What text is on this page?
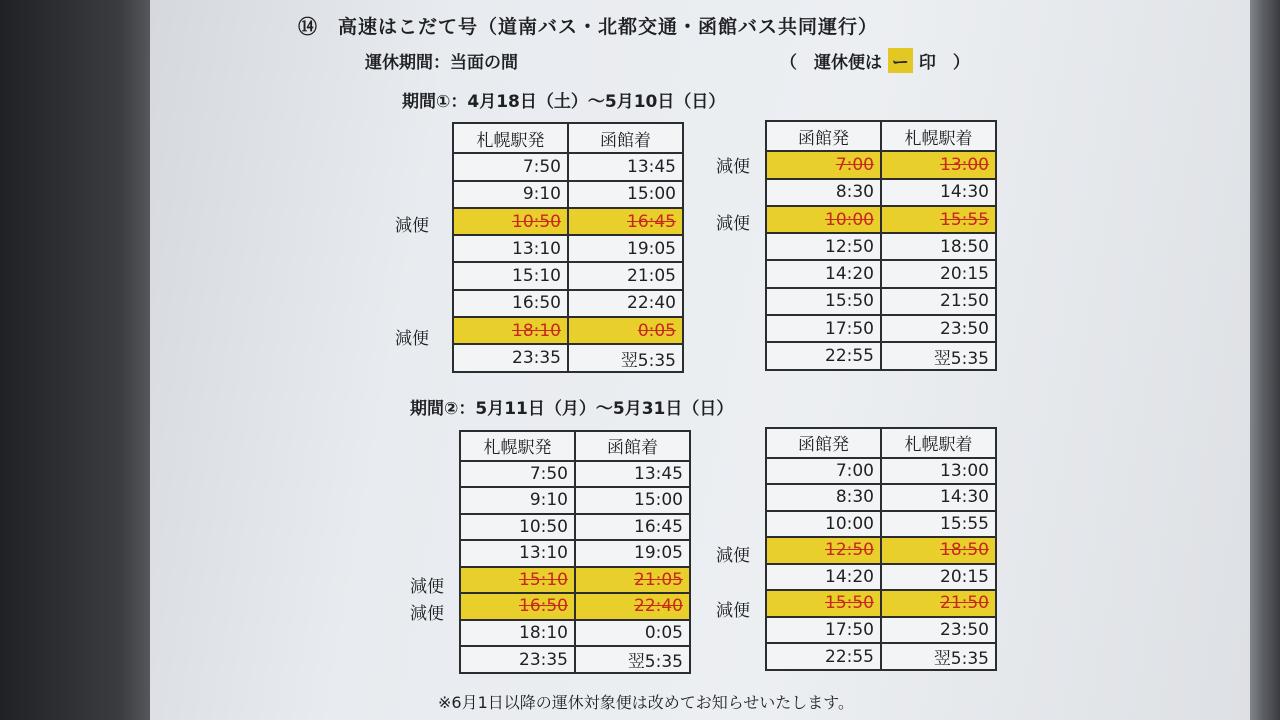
⑭　高速はこだて号（道南バス・北都交通・函館バス共同運行）
運休期間：当面の間	（　運休便は ー 印　）
期間①：4月18日（土）〜5月10日（日）
期間②：5月11日（月）〜5月31日（日）
減便
減便
札幌駅発	函館着
7:50	13:45
9:10	15:00
10:50	16:45
13:10	19:05
15:10	21:05
16:50	22:40
18:10	0:05
23:35	翌5:35
減便
減便
函館発	札幌駅着
7:00	13:00
8:30	14:30
10:00	15:55
12:50	18:50
14:20	20:15
15:50	21:50
17:50	23:50
22:55	翌5:35
減便
減便
札幌駅発	函館着
7:50	13:45
9:10	15:00
10:50	16:45
13:10	19:05
15:10	21:05
16:50	22:40
18:10	0:05
23:35	翌5:35
減便
減便
函館発	札幌駅着
7:00	13:00
8:30	14:30
10:00	15:55
12:50	18:50
14:20	20:15
15:50	21:50
17:50	23:50
22:55	翌5:35
※6月1日以降の運休対象便は改めてお知らせいたします。
